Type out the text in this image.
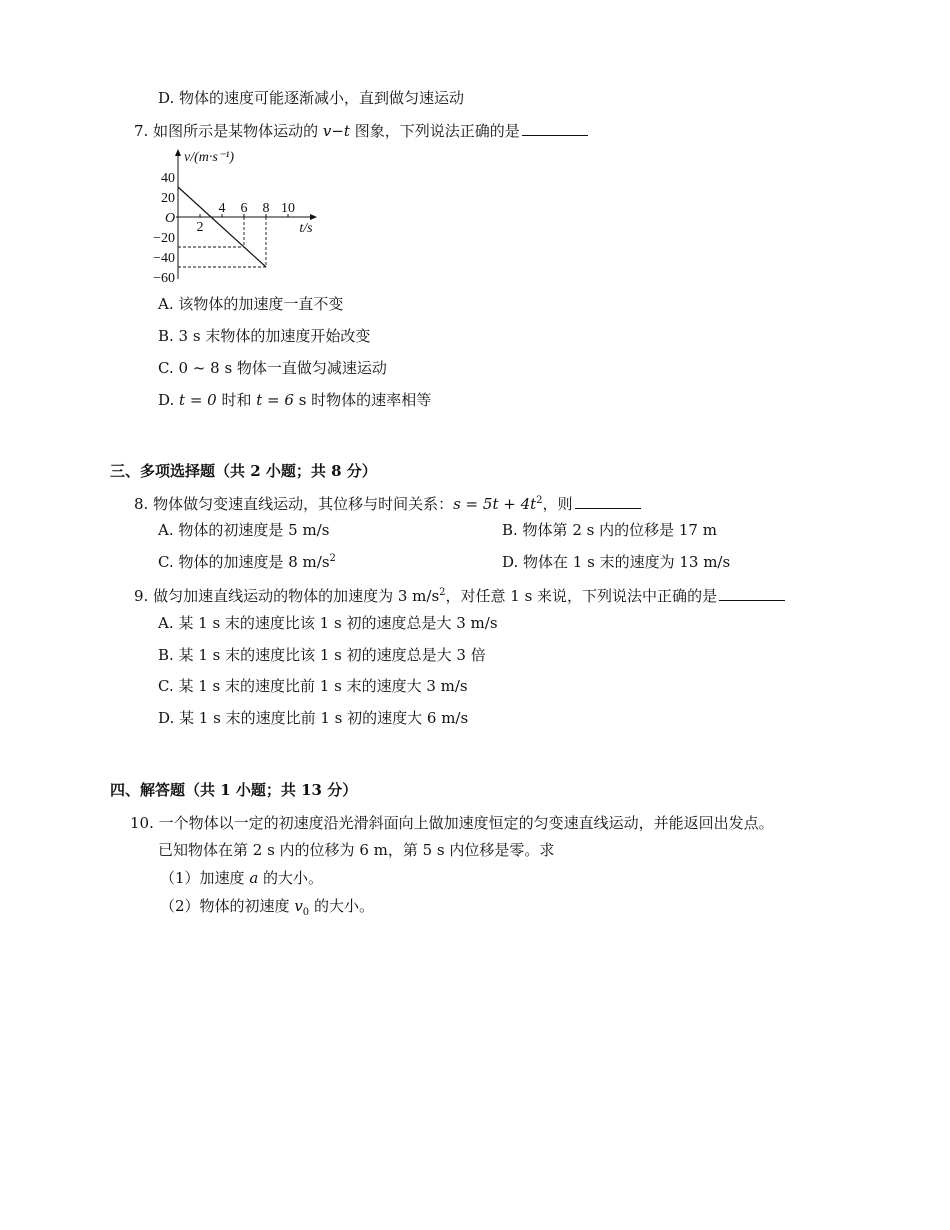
D. 物体的速度可能逐渐减小，直到做匀速运动
7. 如图所示是某物体运动的 v−t 图象，下列说法正确的是
v/(m·s⁻¹)
t/s
O
2
4 6 8 10
40
20
−20
−40
−60
A. 该物体的加速度一直不变
B. 3 s 末物体的加速度开始改变
C. 0 ~ 8 s 物体一直做匀减速运动
D. t = 0 时和 t = 6 s 时物体的速率相等
三、多项选择题（共 2 小题；共 8 分）
8. 物体做匀变速直线运动，其位移与时间关系：$s = 5t + 4t^2$，则
A. 物体的初速度是 5 m/s	B. 物体第 2 s 内的位移是 17 m
C. 物体的加速度是 8 $m/s^2$	D. 物体在 1 s 末的速度为 13 m/s
9. 做匀加速直线运动的物体的加速度为 3 $m/s^2$，对任意 1 s 来说，下列说法中正确的是
A. 某 1 s 末的速度比该 1 s 初的速度总是大 3 m/s
B. 某 1 s 末的速度比该 1 s 初的速度总是大 3 倍
C. 某 1 s 末的速度比前 1 s 末的速度大 3 m/s
D. 某 1 s 末的速度比前 1 s 初的速度大 6 m/s
四、解答题（共 1 小题；共 13 分）
10. 一个物体以一定的初速度沿光滑斜面向上做加速度恒定的匀变速直线运动，并能返回出发点。
已知物体在第 2 s 内的位移为 6 m，第 5 s 内位移是零。求
（1）加速度 a 的大小。
（2）物体的初速度 $v_0$ 的大小。
